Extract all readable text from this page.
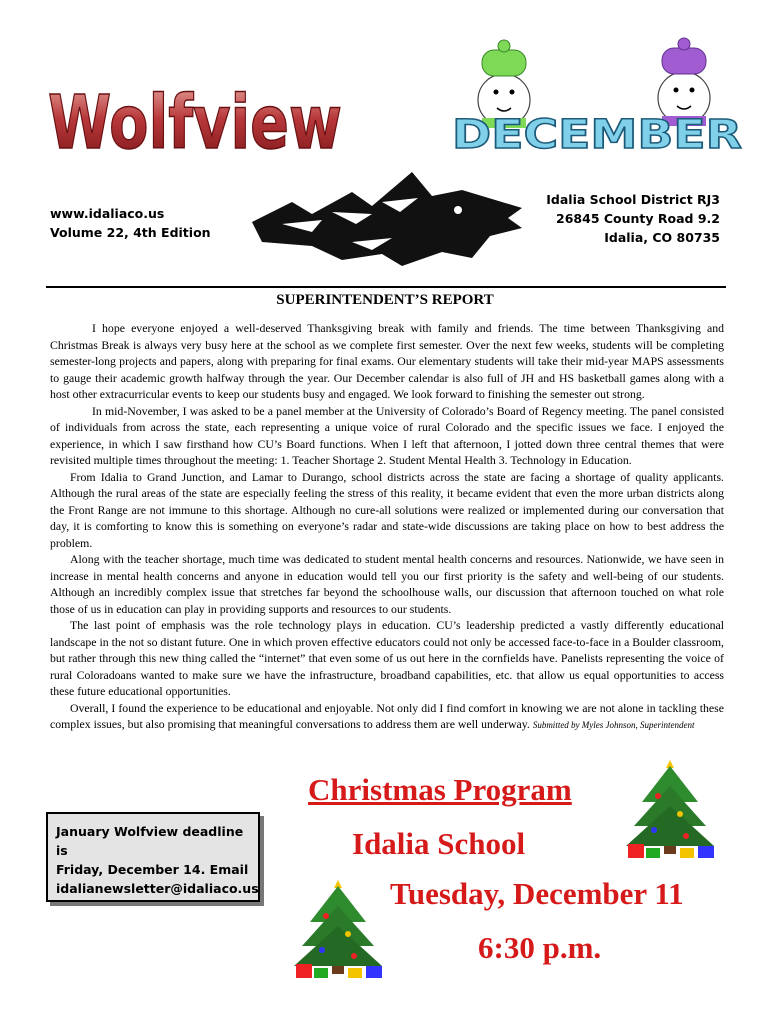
Wolfview	DECEMBER
www.idaliaco.us
Volume 22, 4th Edition
Idalia School District RJ3
26845 County Road 9.2
Idalia, CO 80735
SUPERINTENDENT’S REPORT

I hope everyone enjoyed a well-deserved Thanksgiving break with family and friends. The time between Thanksgiving and Christmas Break is always very busy here at the school as we complete first semester. Over the next few weeks, students will be completing semester-long projects and papers, along with preparing for final exams. Our elementary students will take their mid-year MAPS assessments to gauge their academic growth halfway through the year. Our December calendar is also full of JH and HS basketball games along with a host other extracurricular events to keep our students busy and engaged. We look forward to finishing the semester out strong.

In mid-November, I was asked to be a panel member at the University of Colorado’s Board of Regency meeting. The panel consisted of individuals from across the state, each representing a unique voice of rural Colorado and the specific issues we face. I enjoyed the experience, in which I saw firsthand how CU’s Board functions. When I left that afternoon, I jotted down three central themes that were revisited multiple times throughout the meeting: 1. Teacher Shortage 2. Student Mental Health 3. Technology in Education.

From Idalia to Grand Junction, and Lamar to Durango, school districts across the state are facing a shortage of quality applicants. Although the rural areas of the state are especially feeling the stress of this reality, it became evident that even the more urban districts along the Front Range are not immune to this shortage. Although no cure-all solutions were realized or implemented during our conversation that day, it is comforting to know this is something on everyone’s radar and state-wide discussions are taking place on how to best address the problem.

Along with the teacher shortage, much time was dedicated to student mental health concerns and resources. Nationwide, we have seen in increase in mental health concerns and anyone in education would tell you our first priority is the safety and well-being of our students. Although an incredibly complex issue that stretches far beyond the schoolhouse walls, our discussion that afternoon touched on what role those of us in education can play in providing supports and resources to our students.

The last point of emphasis was the role technology plays in education. CU’s leadership predicted a vastly differently educational landscape in the not so distant future. One in which proven effective educators could not only be accessed face-to-face in a Boulder classroom, but rather through this new thing called the “internet” that even some of us out here in the cornfields have. Panelists representing the voice of rural Coloradoans wanted to make sure we have the infrastructure, broadband capabilities, etc. that allow us equal opportunities to access these future educational opportunities.

Overall, I found the experience to be educational and enjoyable. Not only did I find comfort in knowing we are not alone in tackling these complex issues, but also promising that meaningful conversations to address them are well underway. Submitted by Myles Johnson, Superintendent

Christmas Program
Idalia School
Tuesday, December 11
6:30 p.m.
January Wolfview deadline is
Friday, December 14. Email
idalianewsletter@idaliaco.us
